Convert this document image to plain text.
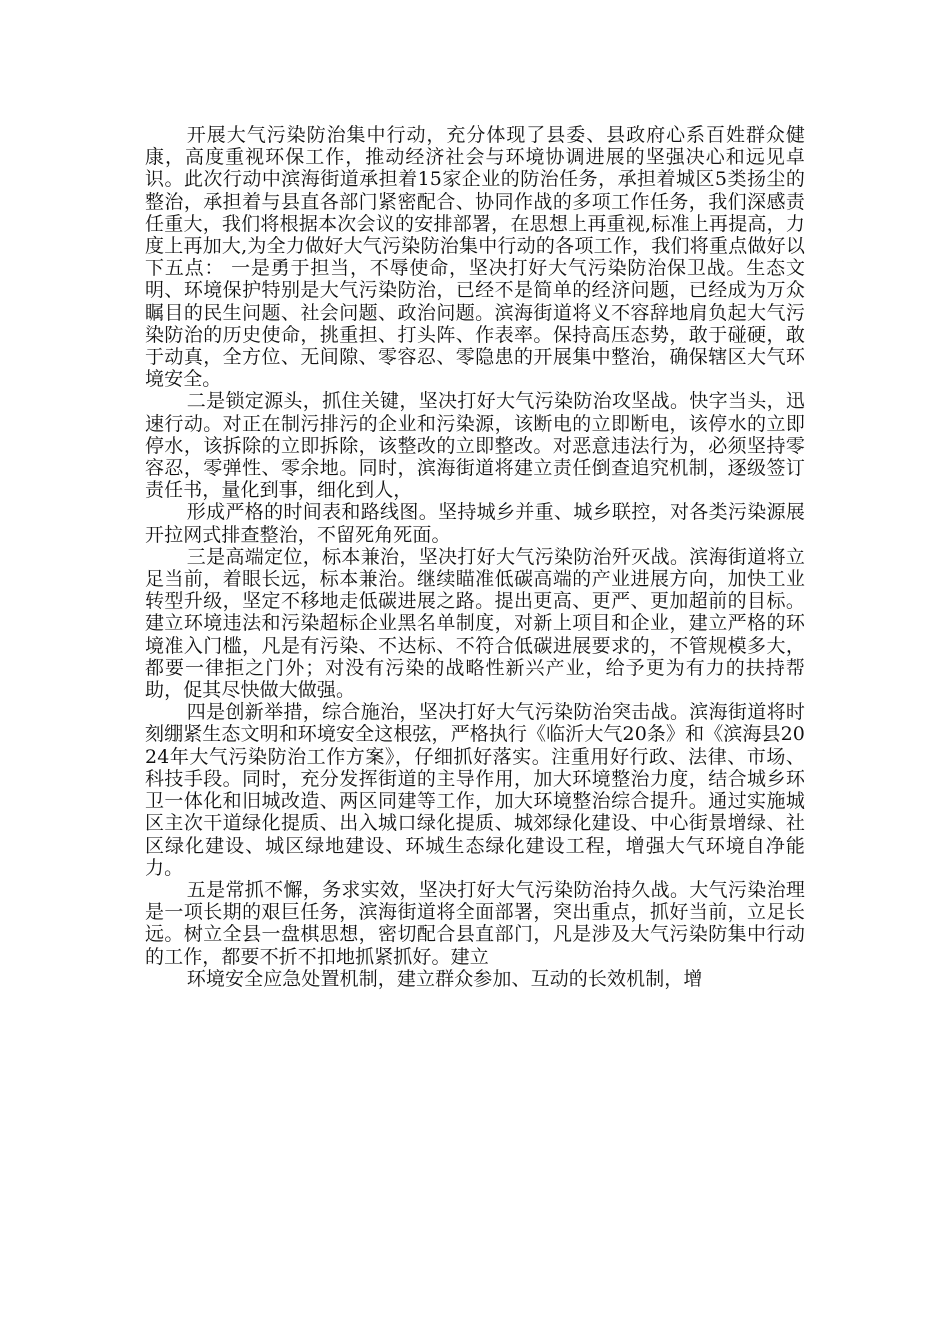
开展大气污染防治集中行动，充分体现了县委、县政府心系百姓群众健康，高度重视环保工作，推动经济社会与环境协调进展的坚强决心和远见卓识。此次行动中滨海街道承担着15家企业的防治任务，承担着城区5类扬尘的整治，承担着与县直各部门紧密配合、协同作战的多项工作任务，我们深感责任重大，我们将根据本次会议的安排部署，在思想上再重视,标准上再提高，力度上再加大,为全力做好大气污染防治集中行动的各项工作，我们将重点做好以下五点： 一是勇于担当，不辱使命，坚决打好大气污染防治保卫战。生态文明、环境保护特别是大气污染防治，已经不是简单的经济问题，已经成为万众瞩目的民生问题、社会问题、政治问题。滨海街道将义不容辞地肩负起大气污染防治的历史使命，挑重担、打头阵、作表率。保持高压态势，敢于碰硬，敢于动真，全方位、无间隙、零容忍、零隐患的开展集中整治，确保辖区大气环境安全。

二是锁定源头，抓住关键，坚决打好大气污染防治攻坚战。快字当头，迅速行动。对正在制污排污的企业和污染源，该断电的立即断电，该停水的立即停水，该拆除的立即拆除，该整改的立即整改。对恶意违法行为，必须坚持零容忍，零弹性、零余地。同时，滨海街道将建立责任倒查追究机制，逐级签订责任书，量化到事，细化到人，

形成严格的时间表和路线图。坚持城乡并重、城乡联控，对各类污染源展开拉网式排查整治，不留死角死面。

三是高端定位，标本兼治，坚决打好大气污染防治歼灭战。滨海街道将立足当前，着眼长远，标本兼治。继续瞄准低碳高端的产业进展方向，加快工业转型升级，坚定不移地走低碳进展之路。提出更高、更严、更加超前的目标。建立环境违法和污染超标企业黑名单制度，对新上项目和企业，建立严格的环境准入门槛，凡是有污染、不达标、不符合低碳进展要求的，不管规模多大，都要一律拒之门外；对没有污染的战略性新兴产业，给予更为有力的扶持帮助，促其尽快做大做强。

四是创新举措，综合施治，坚决打好大气污染防治突击战。滨海街道将时刻绷紧生态文明和环境安全这根弦，严格执行《临沂大气20条》和《滨海县2024年大气污染防治工作方案》，仔细抓好落实。注重用好行政、法律、市场、科技手段。同时，充分发挥街道的主导作用，加大环境整治力度，结合城乡环卫一体化和旧城改造、两区同建等工作，加大环境整治综合提升。通过实施城区主次干道绿化提质、出入城口绿化提质、城郊绿化建设、中心街景增绿、社区绿化建设、城区绿地建设、环城生态绿化建设工程，增强大气环境自净能力。

五是常抓不懈，务求实效，坚决打好大气污染防治持久战。大气污染治理是一项长期的艰巨任务，滨海街道将全面部署，突出重点，抓好当前，立足长远。树立全县一盘棋思想，密切配合县直部门，凡是涉及大气污染防集中行动的工作，都要不折不扣地抓紧抓好。建立

环境安全应急处置机制，建立群众参加、互动的长效机制，增
